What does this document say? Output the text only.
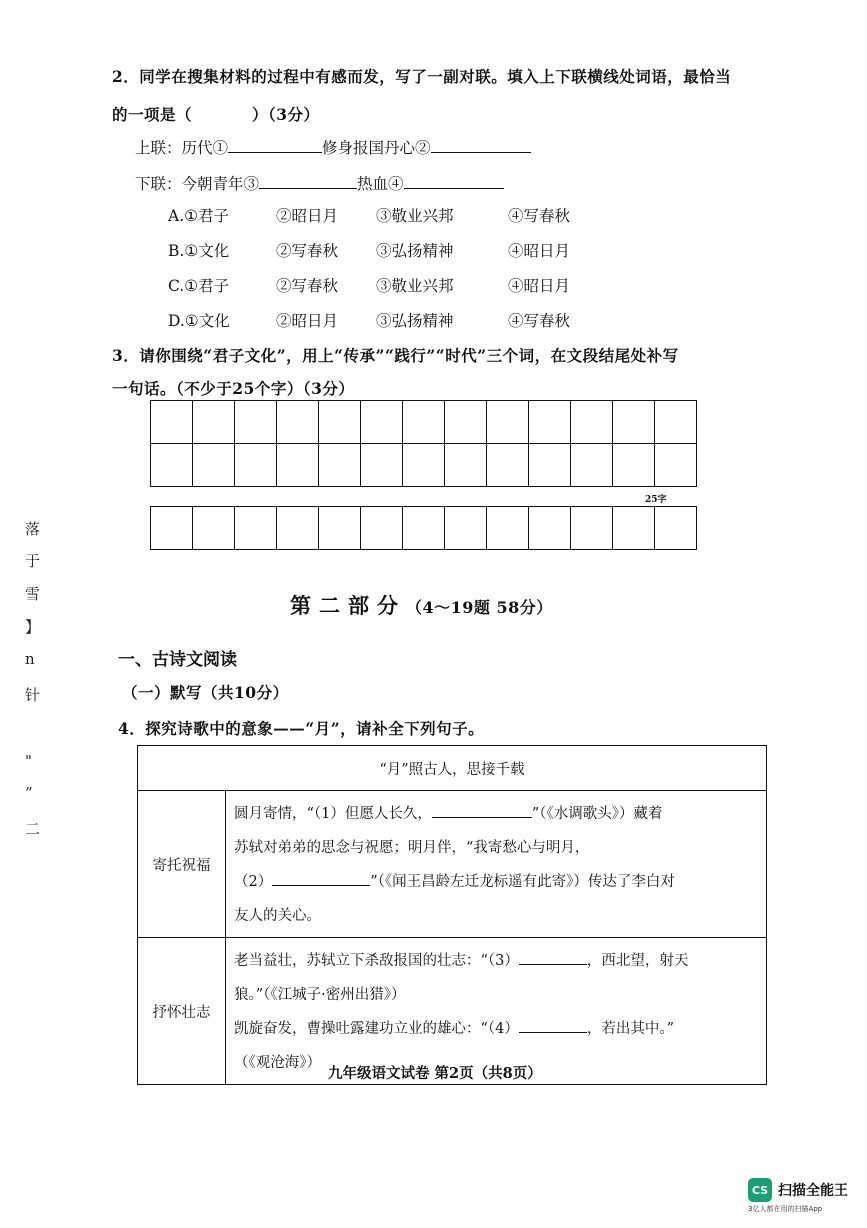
2．同学在搜集材料的过程中有感而发，写了一副对联。填入上下联横线处词语，最恰当
的一项是（	）（3分）
上联：历代①	修身报国丹心②
下联：今朝青年③	热血④
A.①君子	②昭日月 ③敬业兴邦	④写春秋
B.①文化	②写春秋 ③弘扬精神	④昭日月
C.①君子	②写春秋 ③敬业兴邦	④昭日月
D.①文化	②昭日月 ③弘扬精神	④写春秋
3．请你围绕“君子文化”，用上“传承”“践行”“时代”三个词，在文段结尾处补写
一句话。（不少于25个字）（3分）

25字

第二部分（4～19题 58分）
一、古诗文阅读
（一）默写（共10分）
4．探究诗歌中的意象——“月”，请补全下列句子。
“月”照古人，思接千载	
寄托祝福	圆月寄情，“（1）但愿人长久， ”（《水调歌头》）藏着
苏轼对弟弟的思念与祝愿；明月伴，“我寄愁心与明月，
（2） ”（《闻王昌龄左迁龙标遥有此寄》）传达了李白对
友人的关心。

抒怀壮志	老当益壮，苏轼立下杀敌报国的壮志：“（3） ，西北望，射天
狼。”（《江城子·密州出猎》）
凯旋奋发，曹操吐露建功立业的雄心：“（4） ，若出其中。”
（《观沧海》）
九年级语文试卷 第2页（共8页）
落
于
雪
】
n
针
"
”
二
CS 扫描全能王
3亿人都在用的扫描App
